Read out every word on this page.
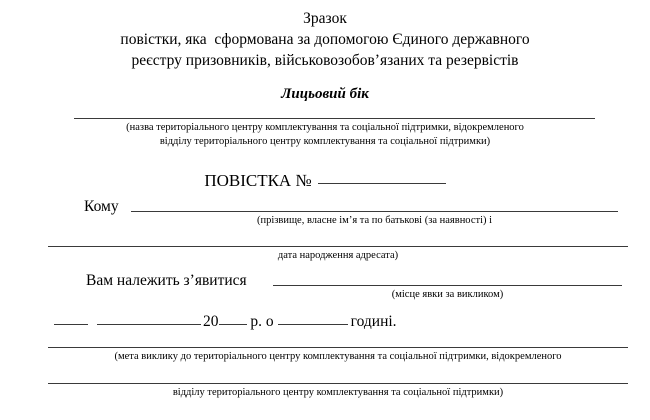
Зразок
повістки, яка  сформована за допомогою Єдиного державного
реєстру призовників, військовозобов’язаних та резервістів
Лицьовий бік
(назва територіального центру комплектування та соціальної підтримки, відокремленого
відділу територіального центру комплектування та соціальної підтримки)
ПОВІСТКА №
Кому
(прізвище, власне ім’я та по батькові (за наявності) і
дата народження адресата)
Вам належить з’явитися
(місце явки за викликом)
20 р. о	годині.
(мета виклику до територіального центру комплектування та соціальної підтримки, відокремленого
відділу територіального центру комплектування та соціальної підтримки)
